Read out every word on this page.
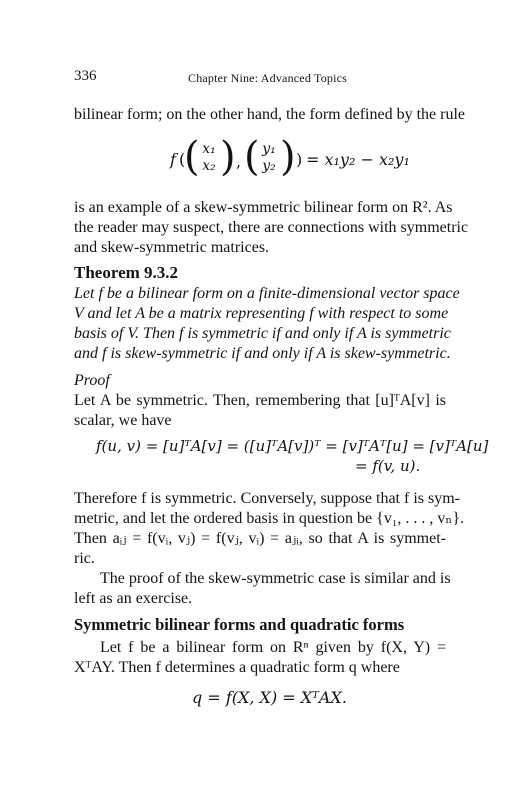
336	Chapter Nine: Advanced Topics
bilinear form; on the other hand, the form defined by the rule
f (
( x₁
x₂ ) , ( y₁
y₂ ) ) = x₁y₂ − x₂y₁
is an example of a skew-symmetric bilinear form on R². As
the reader may suspect, there are connections with symmetric
and skew-symmetric matrices.
Theorem 9.3.2
Let f be a bilinear form on a finite-dimensional vector space
V and let A be a matrix representing f with respect to some
basis of V. Then f is symmetric if and only if A is symmetric
and f is skew-symmetric if and only if A is skew-symmetric.
Proof
Let A be symmetric. Then, remembering that [u]ᵀA[v] is
scalar, we have
f(u, v) = [u]ᵀA[v] = ([u]ᵀA[v])ᵀ = [v]ᵀAᵀ[u] = [v]ᵀA[u]
= f(v, u).
Therefore f is symmetric. Conversely, suppose that f is sym-
metric, and let the ordered basis in question be {v₁, . . . , vₙ}.
Then aᵢⱼ = f(vᵢ, vⱼ) = f(vⱼ, vᵢ) = aⱼᵢ, so that A is symmet-
ric.
The proof of the skew-symmetric case is similar and is
left as an exercise.
Symmetric bilinear forms and quadratic forms
Let f be a bilinear form on Rⁿ given by f(X, Y) =
XᵀAY. Then f determines a quadratic form q where
q = f(X, X) = XᵀAX.
